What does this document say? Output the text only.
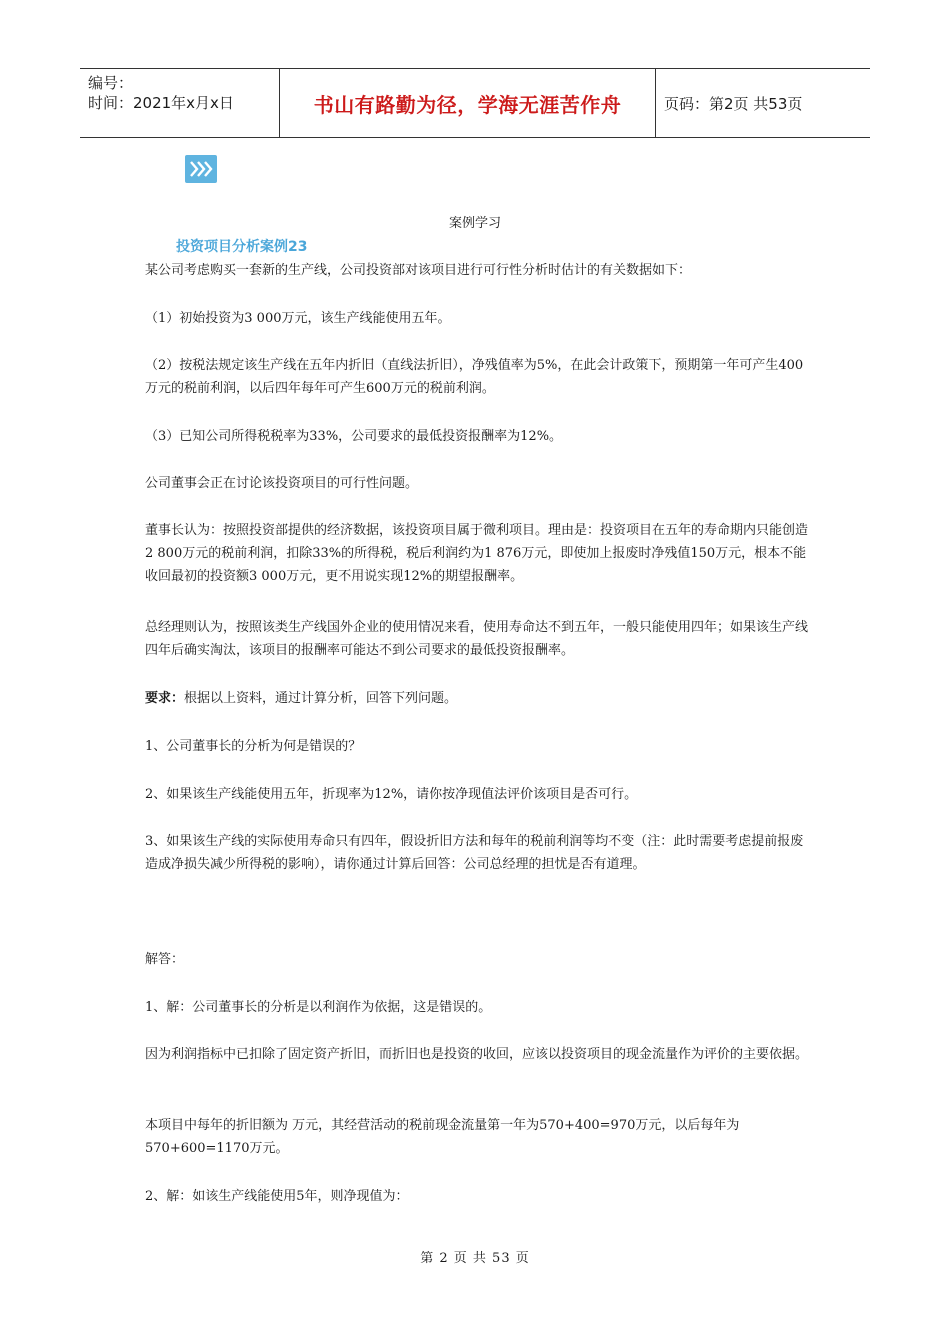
编号：
时间：2021年x月x日	书山有路勤为径，学海无涯苦作舟	页码：第2页 共53页
案例学习
投资项目分析案例23

某公司考虑购买一套新的生产线，公司投资部对该项目进行可行性分析时估计的有关数据如下：

（1）初始投资为3 000万元，该生产线能使用五年。

（2）按税法规定该生产线在五年内折旧（直线法折旧），净残值率为5%，在此会计政策下，预期第一年可产生400万元的税前利润，以后四年每年可产生600万元的税前利润。

（3）已知公司所得税税率为33%，公司要求的最低投资报酬率为12%。

公司董事会正在讨论该投资项目的可行性问题。

董事长认为：按照投资部提供的经济数据，该投资项目属于微利项目。理由是：投资项目在五年的寿命期内只能创造2 800万元的税前利润，扣除33%的所得税，税后利润约为1 876万元，即使加上报废时净残值150万元，根本不能收回最初的投资额3 000万元，更不用说实现12%的期望报酬率。

总经理则认为，按照该类生产线国外企业的使用情况来看，使用寿命达不到五年，一般只能使用四年；如果该生产线四年后确实淘汰，该项目的报酬率可能达不到公司要求的最低投资报酬率。

要求：根据以上资料，通过计算分析，回答下列问题。

1、公司董事长的分析为何是错误的？

2、如果该生产线能使用五年，折现率为12%，请你按净现值法评价该项目是否可行。

3、如果该生产线的实际使用寿命只有四年，假设折旧方法和每年的税前利润等均不变（注：此时需要考虑提前报废造成净损失减少所得税的影响），请你通过计算后回答：公司总经理的担忧是否有道理。

解答：

1、解：公司董事长的分析是以利润作为依据，这是错误的。

因为利润指标中已扣除了固定资产折旧，而折旧也是投资的收回，应该以投资项目的现金流量作为评价的主要依据。

本项目中每年的折旧额为 万元，其经营活动的税前现金流量第一年为570+400=970万元，以后每年为570+600=1170万元。

2、解：如该生产线能使用5年，则净现值为：

第 2 页 共 53 页
